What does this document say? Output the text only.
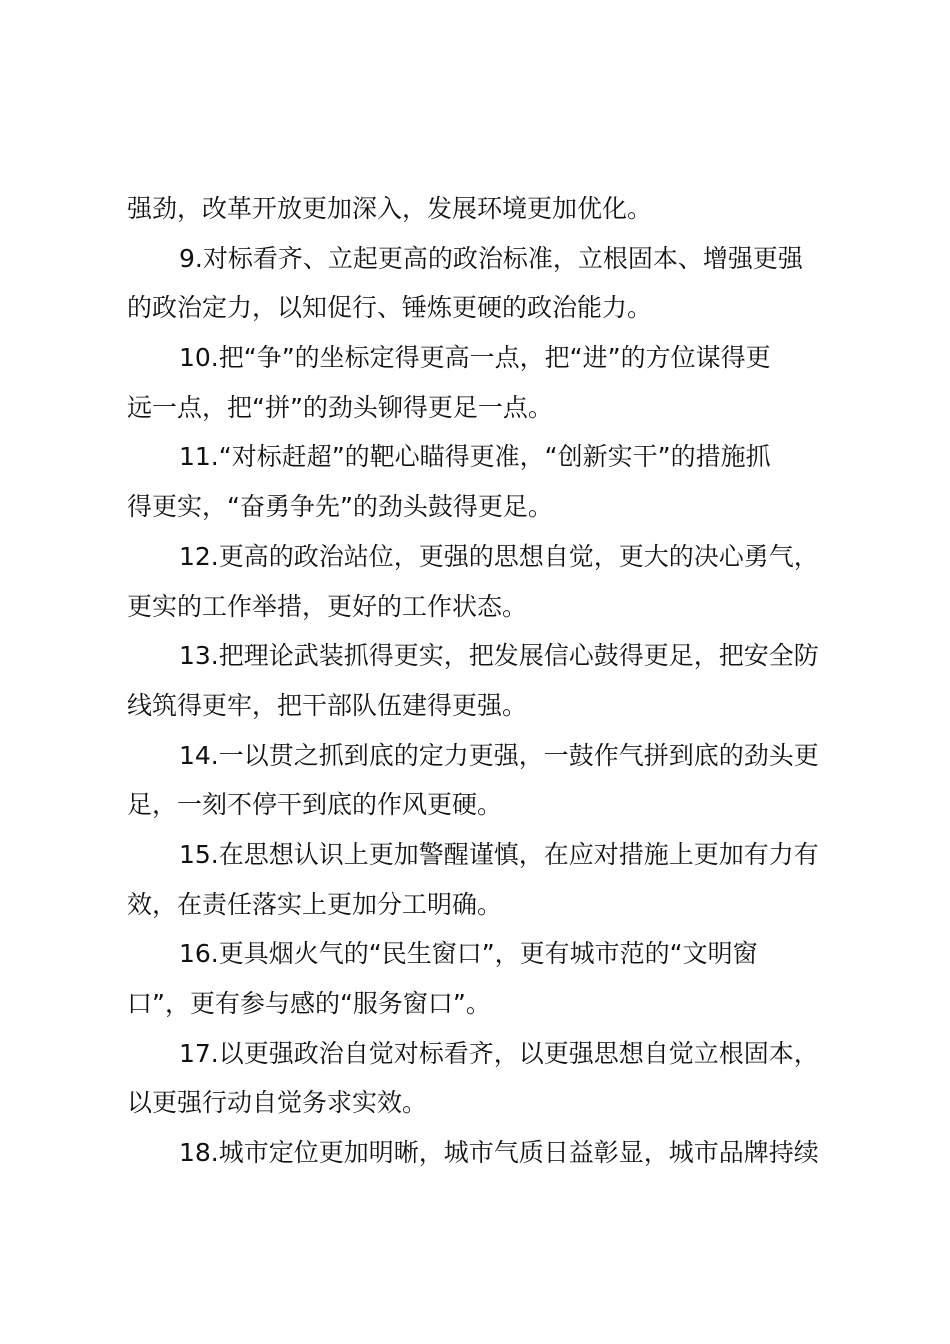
强劲，改革开放更加深入，发展环境更加优化。
9.对标看齐、立起更高的政治标准，立根固本、增强更强
的政治定力，以知促行、锤炼更硬的政治能力。
10.把“争”的坐标定得更高一点，把“进”的方位谋得更
远一点，把“拼”的劲头铆得更足一点。
11.“对标赶超”的靶心瞄得更准，“创新实干”的措施抓
得更实，“奋勇争先”的劲头鼓得更足。
12.更高的政治站位，更强的思想自觉，更大的决心勇气，
更实的工作举措，更好的工作状态。
13.把理论武装抓得更实，把发展信心鼓得更足，把安全防
线筑得更牢，把干部队伍建得更强。
14.一以贯之抓到底的定力更强，一鼓作气拼到底的劲头更
足，一刻不停干到底的作风更硬。
15.在思想认识上更加警醒谨慎，在应对措施上更加有力有
效，在责任落实上更加分工明确。
16.更具烟火气的“民生窗口”，更有城市范的“文明窗
口”，更有参与感的“服务窗口”。
17.以更强政治自觉对标看齐，以更强思想自觉立根固本，
以更强行动自觉务求实效。
18.城市定位更加明晰，城市气质日益彰显，城市品牌持续
